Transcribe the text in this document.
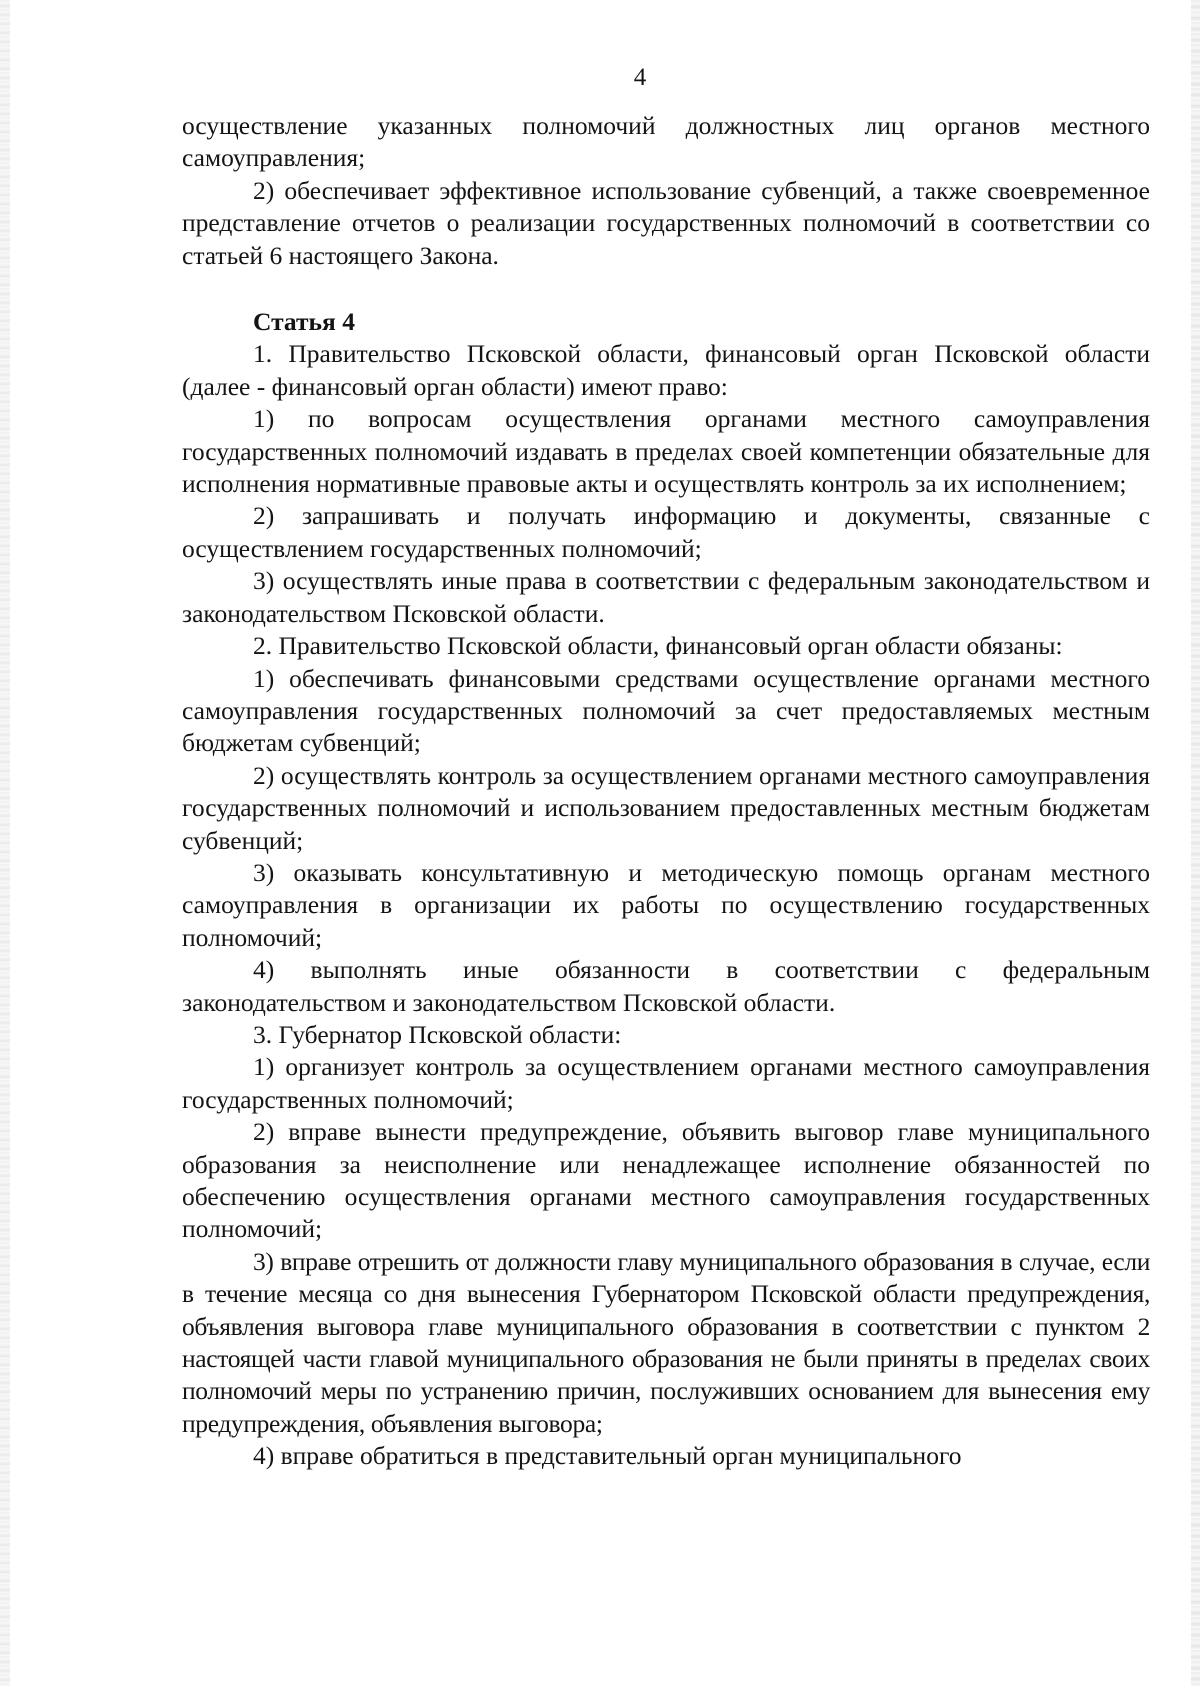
4

осуществление указанных полномочий должностных лиц органов местного самоуправления;

2) обеспечивает эффективное использование субвенций, а также своевременное представление отчетов о реализации государственных полномочий в соответствии со статьей 6 настоящего Закона.

Статья 4

1. Правительство Псковской области, финансовый орган Псковской области (далее - финансовый орган области) имеют право:

1) по вопросам осуществления органами местного самоуправления государственных полномочий издавать в пределах своей компетенции обязательные для исполнения нормативные правовые акты и осуществлять контроль за их исполнением;

2) запрашивать и получать информацию и документы, связанные с осуществлением государственных полномочий;

3) осуществлять иные права в соответствии с федеральным законодательством и законодательством Псковской области.

2. Правительство Псковской области, финансовый орган области обязаны:

1) обеспечивать финансовыми средствами осуществление органами местного самоуправления государственных полномочий за счет предоставляемых местным бюджетам субвенций;

2) осуществлять контроль за осуществлением органами местного самоуправления государственных полномочий и использованием предоставленных местным бюджетам субвенций;

3) оказывать консультативную и методическую помощь органам местного самоуправления в организации их работы по осуществлению государственных полномочий;

4) выполнять иные обязанности в соответствии с федеральным законодательством и законодательством Псковской области.

3. Губернатор Псковской области:

1) организует контроль за осуществлением органами местного самоуправления государственных полномочий;

2) вправе вынести предупреждение, объявить выговор главе муниципального образования за неисполнение или ненадлежащее исполнение обязанностей по обеспечению осуществления органами местного самоуправления государственных полномочий;

3) вправе отрешить от должности главу муниципального образования в случае, если в течение месяца со дня вынесения Губернатором Псковской области предупреждения, объявления выговора главе муниципального образования в соответствии с пунктом 2 настоящей части главой муниципального образования не были приняты в пределах своих полномочий меры по устранению причин, послуживших основанием для вынесения ему предупреждения, объявления выговора;

4) вправе обратиться в представительный орган муниципального
